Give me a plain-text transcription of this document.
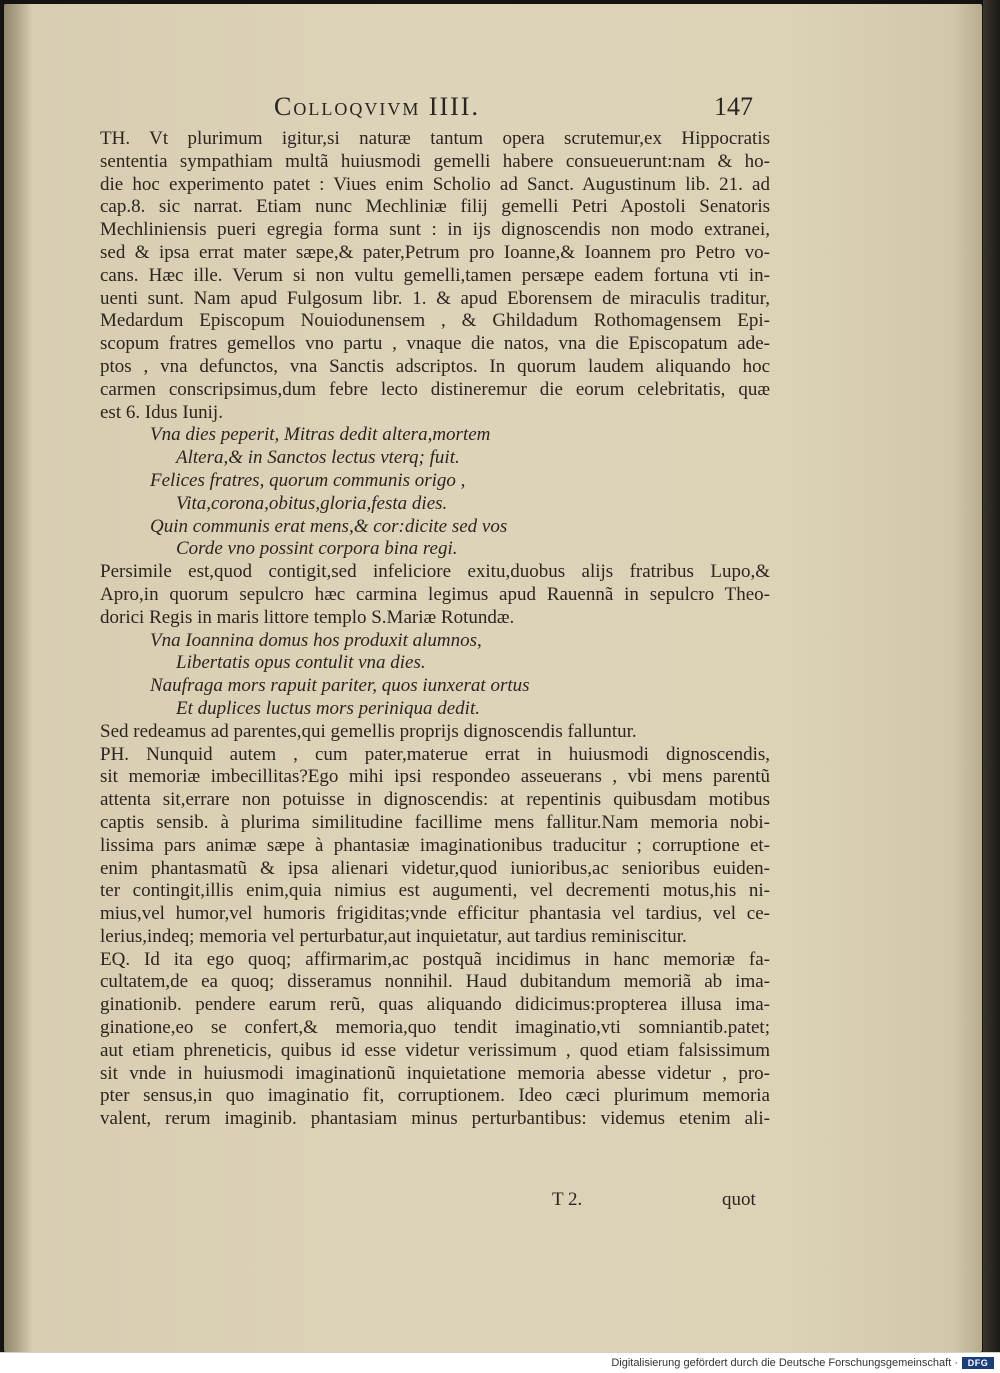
Colloqvivm IIII.	147
TH. Vt plurimum igitur,si naturæ tantum opera scrutemur,ex Hippocratis
sententia sympathiam multã huiusmodi gemelli habere consueuerunt:nam & ho-
die hoc experimento patet : Viues enim Scholio ad Sanct. Augustinum lib. 21. ad
cap.8. sic narrat. Etiam nunc Mechliniæ filij gemelli Petri Apostoli Senatoris
Mechliniensis pueri egregia forma sunt : in ijs dignoscendis non modo extranei,
sed & ipsa errat mater sæpe,& pater,Petrum pro Ioanne,& Ioannem pro Petro vo-
cans. Hæc ille. Verum si non vultu gemelli,tamen persæpe eadem fortuna vti in-
uenti sunt. Nam apud Fulgosum libr. 1. & apud Eborensem de miraculis traditur,
Medardum Episcopum Nouiodunensem , & Ghildadum Rothomagensem Epi-
scopum fratres gemellos vno partu , vnaque die natos, vna die Episcopatum ade-
ptos , vna defunctos, vna Sanctis adscriptos. In quorum laudem aliquando hoc
carmen conscripsimus,dum febre lecto distineremur die eorum celebritatis, quæ
est 6. Idus Iunij.
Vna dies peperit, Mitras dedit altera,mortem
Altera,& in Sanctos lectus vterq; fuit.
Felices fratres, quorum communis origo ,
Vita,corona,obitus,gloria,festa dies.
Quin communis erat mens,& cor:dicite sed vos
Corde vno possint corpora bina regi.
Persimile est,quod contigit,sed infeliciore exitu,duobus alijs fratribus Lupo,&
Apro,in quorum sepulcro hæc carmina legimus apud Rauennã in sepulcro Theo-
dorici Regis in maris littore templo S.Mariæ Rotundæ.
Vna Ioannina domus hos produxit alumnos,
Libertatis opus contulit vna dies.
Naufraga mors rapuit pariter, quos iunxerat ortus
Et duplices luctus mors periniqua dedit.
Sed redeamus ad parentes,qui gemellis proprijs dignoscendis falluntur.
PH. Nunquid autem , cum pater,materue errat in huiusmodi dignoscendis,
sit memoriæ imbecillitas?Ego mihi ipsi respondeo asseuerans , vbi mens parentũ
attenta sit,errare non potuisse in dignoscendis: at repentinis quibusdam motibus
captis sensib. à plurima similitudine facillime mens fallitur.Nam memoria nobi-
lissima pars animæ sæpe à phantasiæ imaginationibus traducitur ; corruptione et-
enim phantasmatũ & ipsa alienari videtur,quod iunioribus,ac senioribus euiden-
ter contingit,illis enim,quia nimius est augumenti, vel decrementi motus,his ni-
mius,vel humor,vel humoris frigiditas;vnde efficitur phantasia vel tardius, vel ce-
lerius,indeq; memoria vel perturbatur,aut inquietatur, aut tardius reminiscitur.
EQ. Id ita ego quoq; affirmarim,ac postquã incidimus in hanc memoriæ fa-
cultatem,de ea quoq; disseramus nonnihil. Haud dubitandum memoriã ab ima-
ginationib. pendere earum rerũ, quas aliquando didicimus:propterea illusa ima-
ginatione,eo se confert,& memoria,quo tendit imaginatio,vti somniantib.patet;
aut etiam phreneticis, quibus id esse videtur verissimum , quod etiam falsissimum
sit vnde in huiusmodi imaginationũ inquietatione memoria abesse videtur , pro-
pter sensus,in quo imaginatio fit, corruptionem. Ideo cæci plurimum memoria
valent, rerum imaginib. phantasiam minus perturbantibus: videmus etenim ali-
T 2.	quot
Digitalisierung gefördert durch die Deutsche Forschungsgemeinschaft ·	DFG
